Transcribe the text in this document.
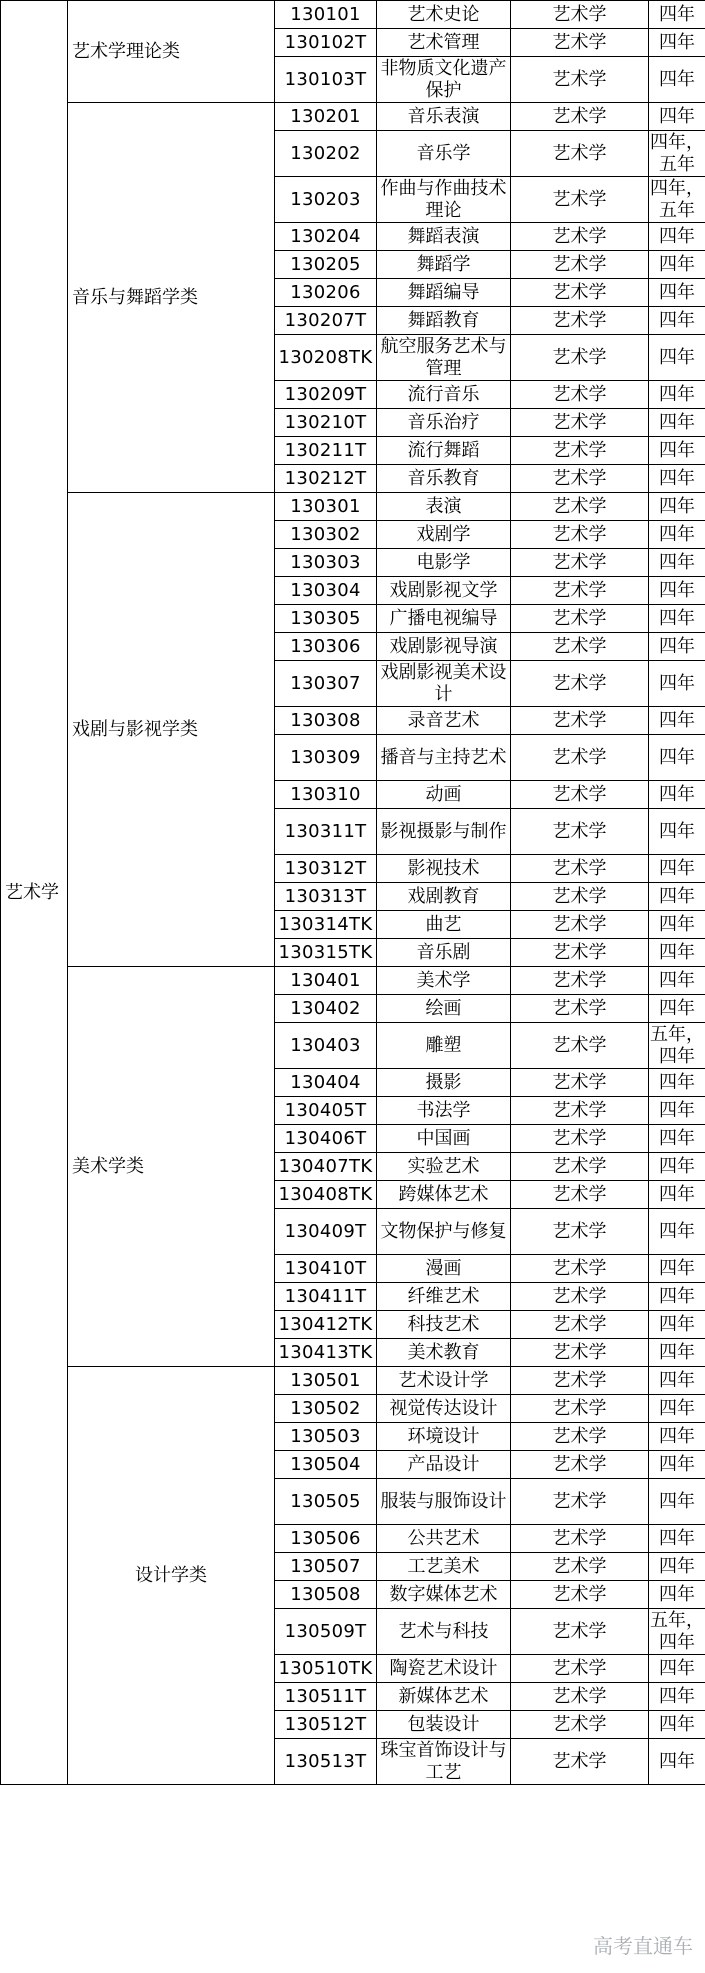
艺术学	艺术学理论类	130101	艺术史论	艺术学	四年
		130102T	艺术管理	艺术学	四年
		130103T	非物质文化遗产保护	艺术学	四年
	音乐与舞蹈学类	130201	音乐表演	艺术学	四年
		130202	音乐学	艺术学	四年，五年
		130203	作曲与作曲技术理论	艺术学	四年，五年
		130204	舞蹈表演	艺术学	四年
		130205	舞蹈学	艺术学	四年
		130206	舞蹈编导	艺术学	四年
		130207T	舞蹈教育	艺术学	四年
		130208TK	航空服务艺术与管理	艺术学	四年
		130209T	流行音乐	艺术学	四年
		130210T	音乐治疗	艺术学	四年
		130211T	流行舞蹈	艺术学	四年
		130212T	音乐教育	艺术学	四年
	戏剧与影视学类	130301	表演	艺术学	四年
		130302	戏剧学	艺术学	四年
		130303	电影学	艺术学	四年
		130304	戏剧影视文学	艺术学	四年
		130305	广播电视编导	艺术学	四年
		130306	戏剧影视导演	艺术学	四年
		130307	戏剧影视美术设计	艺术学	四年
		130308	录音艺术	艺术学	四年
		130309	播音与主持艺术	艺术学	四年
		130310	动画	艺术学	四年
		130311T	影视摄影与制作	艺术学	四年
		130312T	影视技术	艺术学	四年
		130313T	戏剧教育	艺术学	四年
		130314TK	曲艺	艺术学	四年
		130315TK	音乐剧	艺术学	四年
	美术学类	130401	美术学	艺术学	四年
		130402	绘画	艺术学	四年
		130403	雕塑	艺术学	五年，四年
		130404	摄影	艺术学	四年
		130405T	书法学	艺术学	四年
		130406T	中国画	艺术学	四年
		130407TK	实验艺术	艺术学	四年
		130408TK	跨媒体艺术	艺术学	四年
		130409T	文物保护与修复	艺术学	四年
		130410T	漫画	艺术学	四年
		130411T	纤维艺术	艺术学	四年
		130412TK	科技艺术	艺术学	四年
		130413TK	美术教育	艺术学	四年
	设计学类	130501	艺术设计学	艺术学	四年
		130502	视觉传达设计	艺术学	四年
		130503	环境设计	艺术学	四年
		130504	产品设计	艺术学	四年
		130505	服装与服饰设计	艺术学	四年
		130506	公共艺术	艺术学	四年
		130507	工艺美术	艺术学	四年
		130508	数字媒体艺术	艺术学	四年
		130509T	艺术与科技	艺术学	五年，四年
		130510TK	陶瓷艺术设计	艺术学	四年
		130511T	新媒体艺术	艺术学	四年
		130512T	包装设计	艺术学	四年
		130513T	珠宝首饰设计与工艺	艺术学	四年
高考直通车
